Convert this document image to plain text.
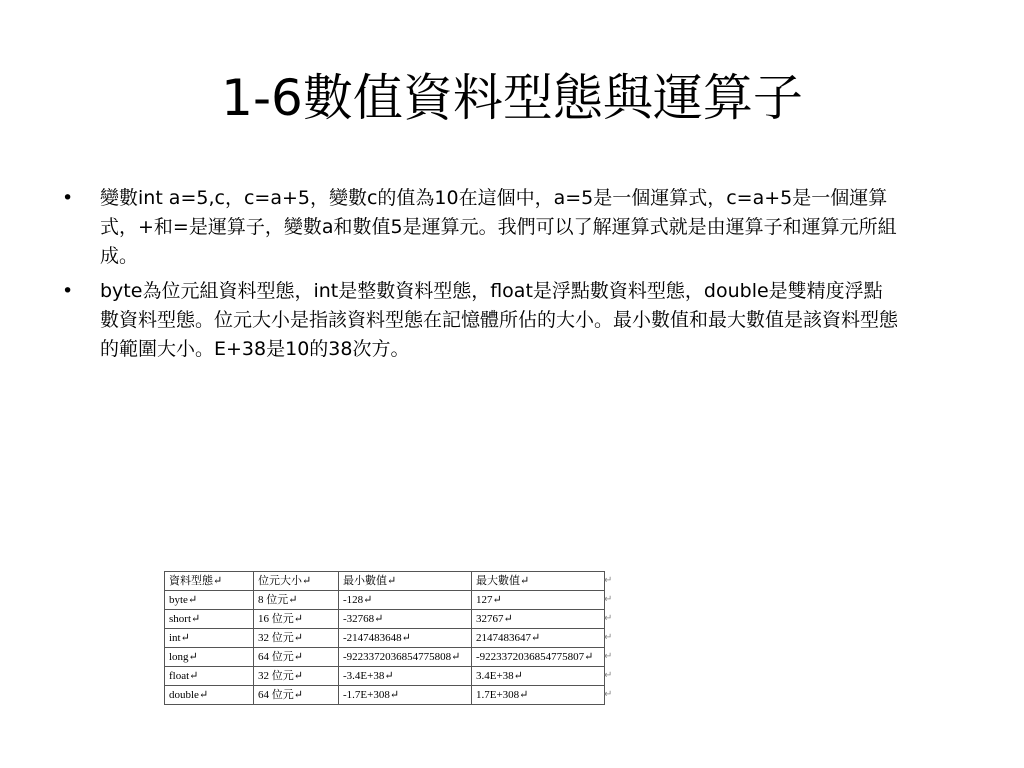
1-6數值資料型態與運算子
• 變數int a=5,c，c=a+5，變數c的值為10在這個中，a=5是一個運算式，c=a+5是一個運算式，+和=是運算子，變數a和數值5是運算元。我們可以了解運算式就是由運算子和運算元所組成。
• byte為位元組資料型態，int是整數資料型態，float是浮點數資料型態，double是雙精度浮點數資料型態。位元大小是指該資料型態在記憶體所佔的大小。最小數值和最大數值是該資料型態的範圍大小。E+38是10的38次方。
資料型態↵	位元大小↵	最小數值↵	最大數值↵
byte↵	8 位元↵	-128↵	127↵
short↵	16 位元↵	-32768↵	32767↵
int↵	32 位元↵	-2147483648↵	2147483647↵
long↵	64 位元↵	-9223372036854775808↵	-9223372036854775807↵
float↵	32 位元↵	-3.4E+38↵	3.4E+38↵
double↵	64 位元↵	-1.7E+308↵	1.7E+308↵
↵
↵
↵
↵
↵
↵
↵
